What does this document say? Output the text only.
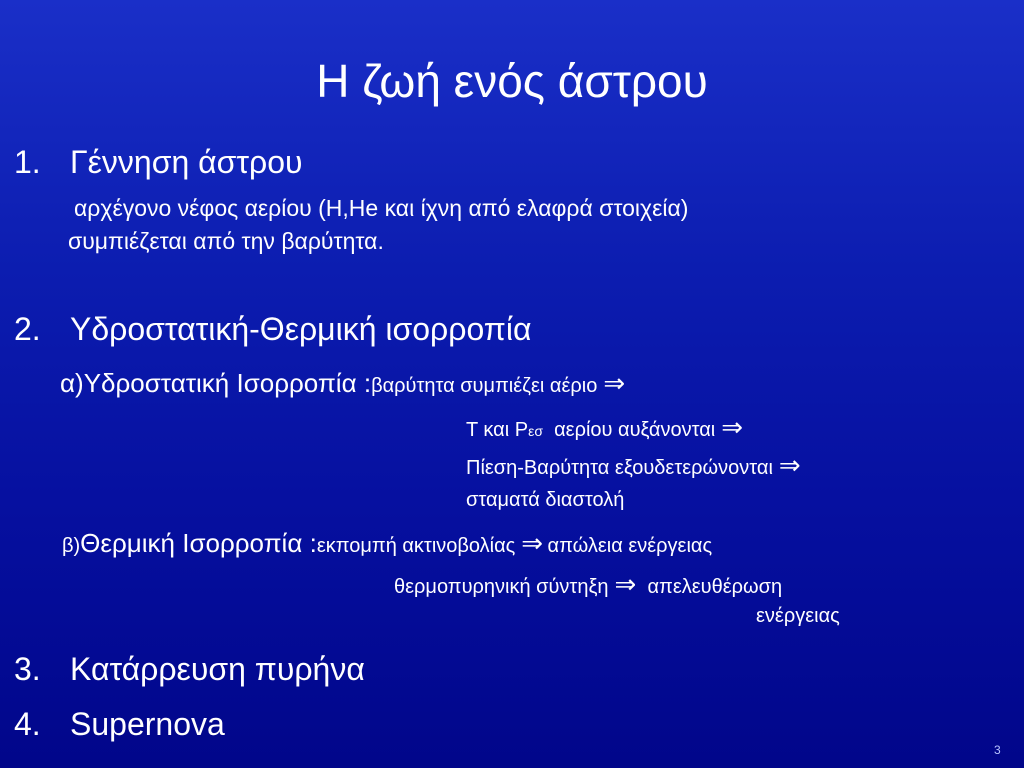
Η ζωή ενός άστρου
1. Γέννηση άστρου
αρχέγονο νέφος αερίου (Η,Ηe και ίχνη από ελαφρά στοιχεία)
συμπιέζεται από την βαρύτητα.
2. Υδροστατική-Θερμική ισορροπία
α)Υδροστατική Ισορροπία :βαρύτητα συμπιέζει αέριο ⇒
T και Pεσ αερίου αυξάνονται ⇒
Πίεση-Βαρύτητα εξουδετερώνονται ⇒
σταματά διαστολή
β)Θερμική Ισορροπία :εκπομπή ακτινοβολίας ⇒ απώλεια ενέργειας
θερμοπυρηνική σύντηξη ⇒ απελευθέρωση
ενέργειας
3. Κατάρρευση πυρήνα
4. Supernova
3
